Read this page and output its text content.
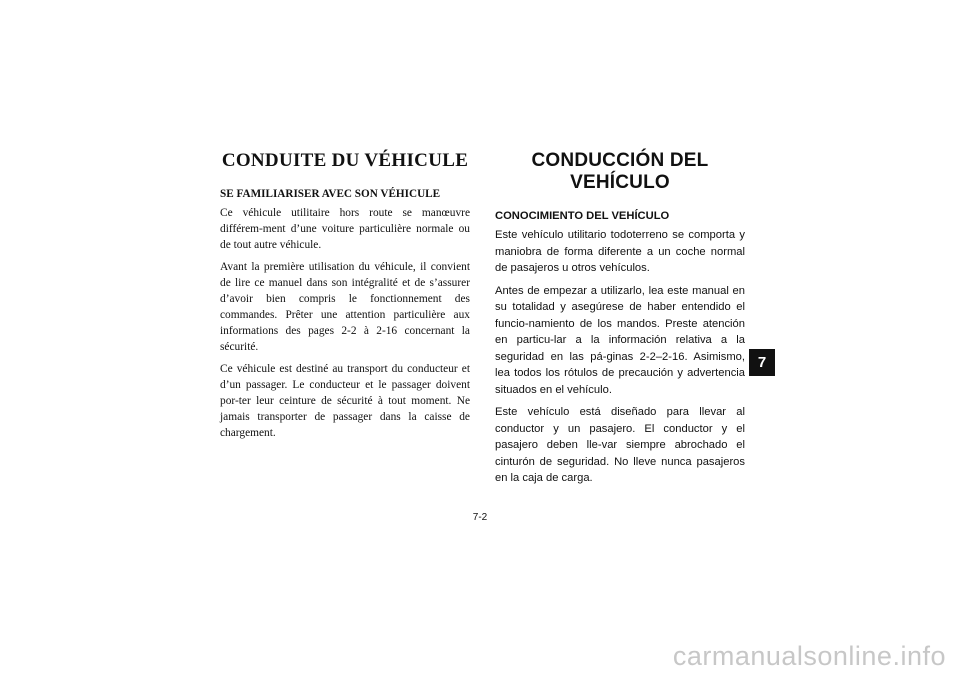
CONDUITE DU VÉHICULE
SE FAMILIARISER AVEC SON VÉHICULE

Ce véhicule utilitaire hors route se manœuvre différem-ment d’une voiture particulière normale ou de tout autre véhicule.

Avant la première utilisation du véhicule, il convient de lire ce manuel dans son intégralité et de s’assurer d’avoir bien compris le fonctionnement des commandes. Prêter une attention particulière aux informations des pages 2-2 à 2-16 concernant la sécurité.

Ce véhicule est destiné au transport du conducteur et d’un passager. Le conducteur et le passager doivent por-ter leur ceinture de sécurité à tout moment. Ne jamais transporter de passager dans la caisse de chargement.

CONDUCCIÓN DEL VEHÍCULO
CONOCIMIENTO DEL VEHÍCULO

Este vehículo utilitario todoterreno se comporta y maniobra de forma diferente a un coche normal de pasajeros u otros vehículos.

Antes de empezar a utilizarlo, lea este manual en su totalidad y asegúrese de haber entendido el funcio-namiento de los mandos. Preste atención en particu-lar a la información relativa a la seguridad en las pá-ginas 2-2–2-16. Asimismo, lea todos los rótulos de precaución y advertencia situados en el vehículo.

Este vehículo está diseñado para llevar al conductor y un pasajero. El conductor y el pasajero deben lle-var siempre abrochado el cinturón de seguridad. No lleve nunca pasajeros en la caja de carga.

7
7-2
carmanualsonline.info
